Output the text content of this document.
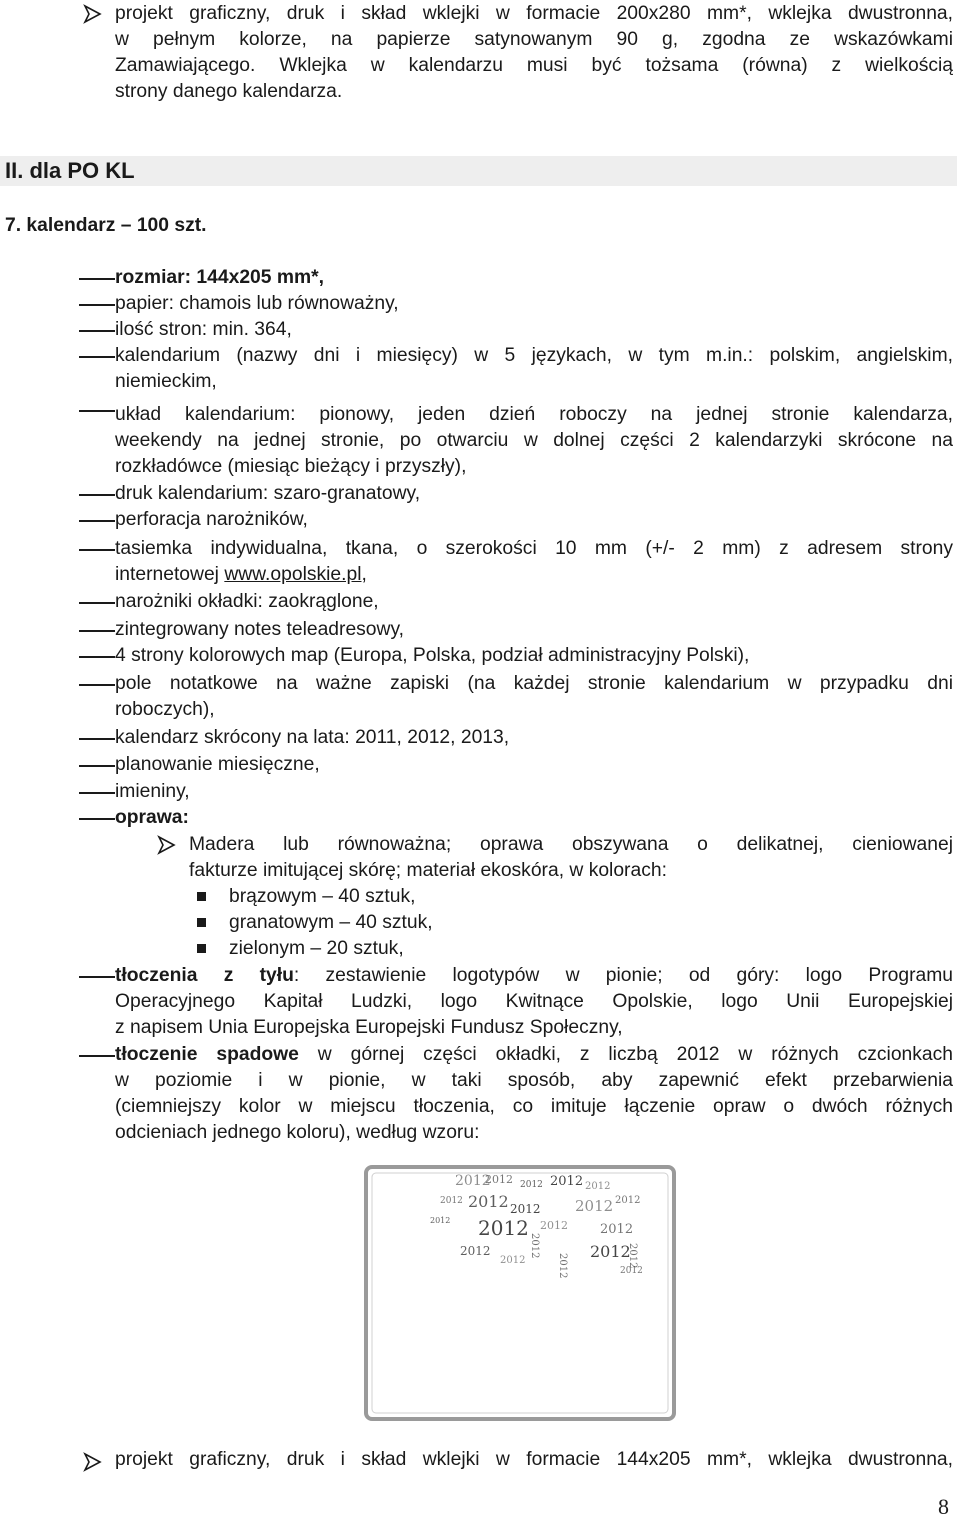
projekt graficzny, druk i skład wklejki w formacie 200x280 mm*, wklejka dwustronna,
w pełnym kolorze, na papierze satynowanym 90 g, zgodna ze wskazówkami
Zamawiającego. Wklejka w kalendarzu musi być tożsama (równa) z wielkością
strony danego kalendarza.
II. dla PO KL
7. kalendarz – 100 szt.
rozmiar: 144x205 mm*,
papier: chamois lub równoważny,
ilość stron: min. 364,
kalendarium (nazwy dni i miesięcy) w 5 językach, w tym m.in.: polskim, angielskim,
niemieckim,
układ kalendarium: pionowy, jeden dzień roboczy na jednej stronie kalendarza,
weekendy na jednej stronie, po otwarciu w dolnej części 2 kalendarzyki skrócone na
rozkładówce (miesiąc bieżący i przyszły),
druk kalendarium: szaro-granatowy,
perforacja narożników,
tasiemka indywidualna, tkana, o szerokości 10 mm (+/- 2 mm) z adresem strony
internetowej www.opolskie.pl,
narożniki okładki: zaokrąglone,
zintegrowany notes teleadresowy,
4 strony kolorowych map (Europa, Polska, podział administracyjny Polski),
pole notatkowe na ważne zapiski (na każdej stronie kalendarium w przypadku dni
roboczych),
kalendarz skrócony na lata: 2011, 2012, 2013,
planowanie miesięczne,
imieniny,
oprawa:
Madera lub równoważna; oprawa obszywana o delikatnej, cieniowanej
fakturze imitującej skórę; materiał ekoskóra, w kolorach:
brązowym – 40 sztuk,
granatowym – 40 sztuk,
zielonym – 20 sztuk,
tłoczenia z tyłu: zestawienie logotypów w pionie; od góry: logo Programu
Operacyjnego Kapitał Ludzki, logo Kwitnące Opolskie, logo Unii Europejskiej
z napisem Unia Europejska Europejski Fundusz Społeczny,
tłoczenie spadowe w górnej części okładki, z liczbą 2012 w różnych czcionkach
w poziomie i w pionie, w taki sposób, aby zapewnić efekt przebarwienia
(ciemniejszy kolor w miejscu tłoczenia, co imituje łączenie opraw o dwóch różnych
odcieniach jednego koloru), według wzoru:
2012
2012 2012 2012 2012
2012 2012 2012 2012 2012
2012 2012 2012 2012
2012	2012
2012
2012
2012
2012	2012
projekt graficzny, druk i skład wklejki w formacie 144x205 mm*, wklejka dwustronna,
8
